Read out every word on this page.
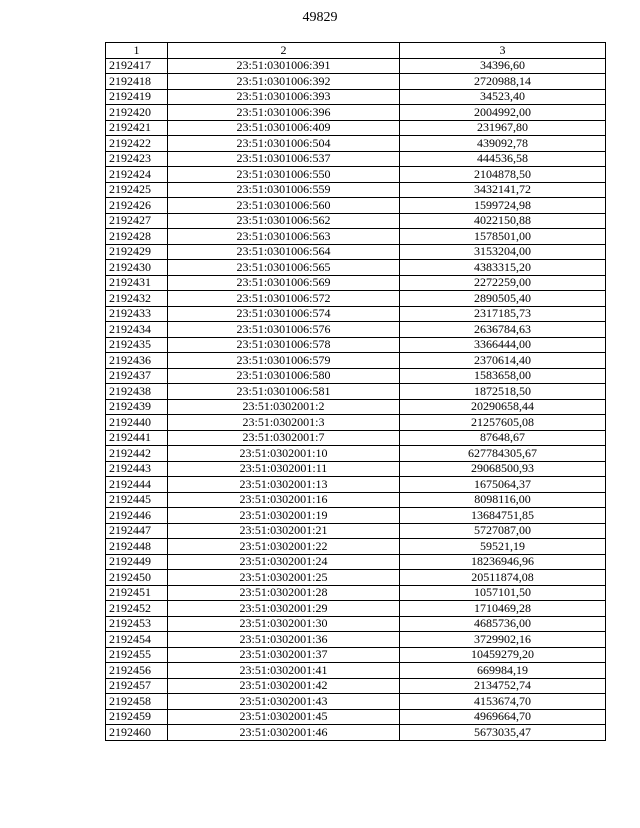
49829
1	2	3
2192417	23:51:0301006:391	34396,60
2192418	23:51:0301006:392	2720988,14
2192419	23:51:0301006:393	34523,40
2192420	23:51:0301006:396	2004992,00
2192421	23:51:0301006:409	231967,80
2192422	23:51:0301006:504	439092,78
2192423	23:51:0301006:537	444536,58
2192424	23:51:0301006:550	2104878,50
2192425	23:51:0301006:559	3432141,72
2192426	23:51:0301006:560	1599724,98
2192427	23:51:0301006:562	4022150,88
2192428	23:51:0301006:563	1578501,00
2192429	23:51:0301006:564	3153204,00
2192430	23:51:0301006:565	4383315,20
2192431	23:51:0301006:569	2272259,00
2192432	23:51:0301006:572	2890505,40
2192433	23:51:0301006:574	2317185,73
2192434	23:51:0301006:576	2636784,63
2192435	23:51:0301006:578	3366444,00
2192436	23:51:0301006:579	2370614,40
2192437	23:51:0301006:580	1583658,00
2192438	23:51:0301006:581	1872518,50
2192439	23:51:0302001:2	20290658,44
2192440	23:51:0302001:3	21257605,08
2192441	23:51:0302001:7	87648,67
2192442	23:51:0302001:10	627784305,67
2192443	23:51:0302001:11	29068500,93
2192444	23:51:0302001:13	1675064,37
2192445	23:51:0302001:16	8098116,00
2192446	23:51:0302001:19	13684751,85
2192447	23:51:0302001:21	5727087,00
2192448	23:51:0302001:22	59521,19
2192449	23:51:0302001:24	18236946,96
2192450	23:51:0302001:25	20511874,08
2192451	23:51:0302001:28	1057101,50
2192452	23:51:0302001:29	1710469,28
2192453	23:51:0302001:30	4685736,00
2192454	23:51:0302001:36	3729902,16
2192455	23:51:0302001:37	10459279,20
2192456	23:51:0302001:41	669984,19
2192457	23:51:0302001:42	2134752,74
2192458	23:51:0302001:43	4153674,70
2192459	23:51:0302001:45	4969664,70
2192460	23:51:0302001:46	5673035,47
